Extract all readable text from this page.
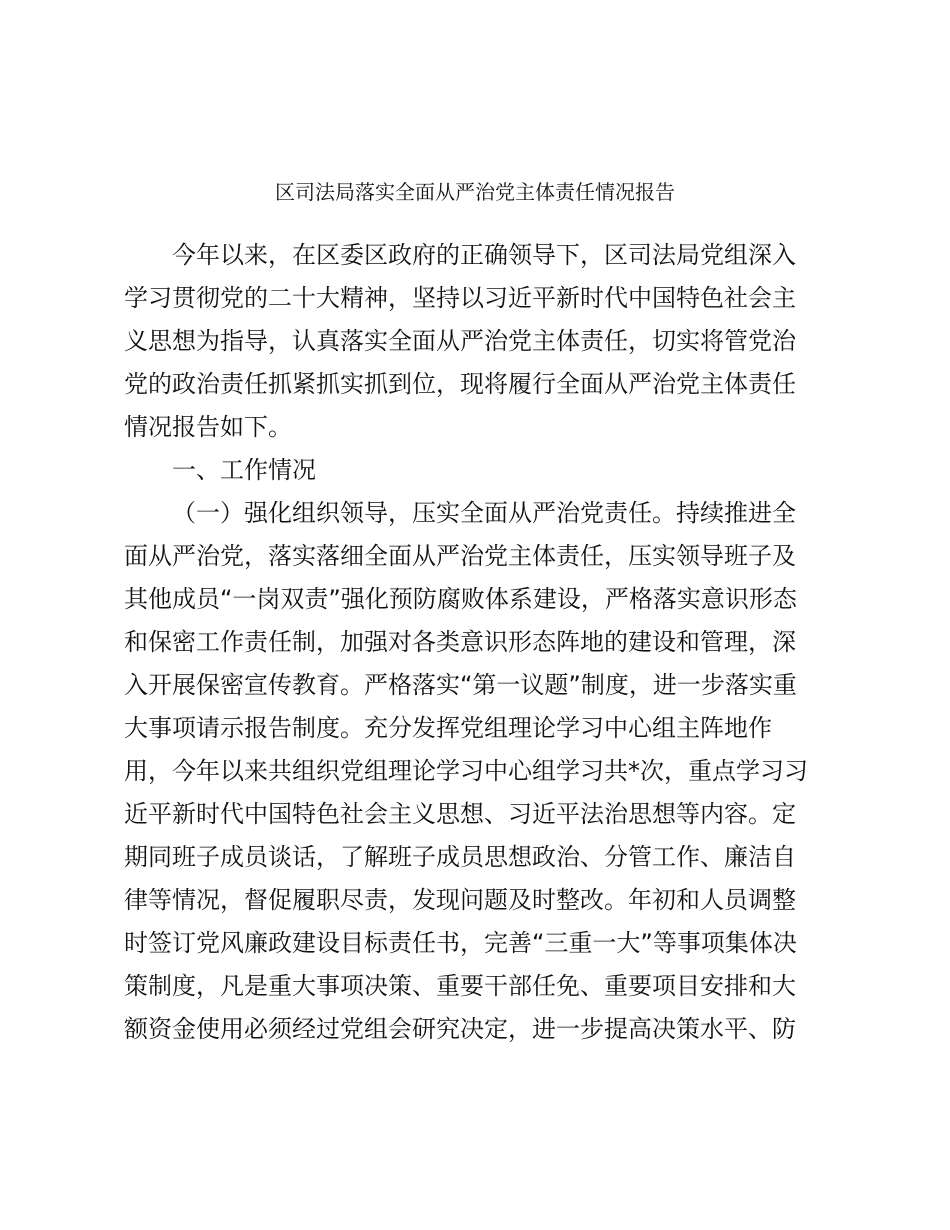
区司法局落实全面从严治党主体责任情况报告
今年以来，在区委区政府的正确领导下，区司法局党组深入
学习贯彻党的二十大精神，坚持以习近平新时代中国特色社会主
义思想为指导，认真落实全面从严治党主体责任，切实将管党治
党的政治责任抓紧抓实抓到位，现将履行全面从严治党主体责任
情况报告如下。
一、工作情况
（一）强化组织领导，压实全面从严治党责任。持续推进全
面从严治党，落实落细全面从严治党主体责任，压实领导班子及
其他成员“一岗双责”强化预防腐败体系建设，严格落实意识形态
和保密工作责任制，加强对各类意识形态阵地的建设和管理，深
入开展保密宣传教育。严格落实“第一议题”制度，进一步落实重
大事项请示报告制度。充分发挥党组理论学习中心组主阵地作
用，今年以来共组织党组理论学习中心组学习共*次，重点学习习
近平新时代中国特色社会主义思想、习近平法治思想等内容。定
期同班子成员谈话，了解班子成员思想政治、分管工作、廉洁自
律等情况，督促履职尽责，发现问题及时整改。年初和人员调整
时签订党风廉政建设目标责任书，完善“三重一大”等事项集体决
策制度，凡是重大事项决策、重要干部任免、重要项目安排和大
额资金使用必须经过党组会研究决定，进一步提高决策水平、防
